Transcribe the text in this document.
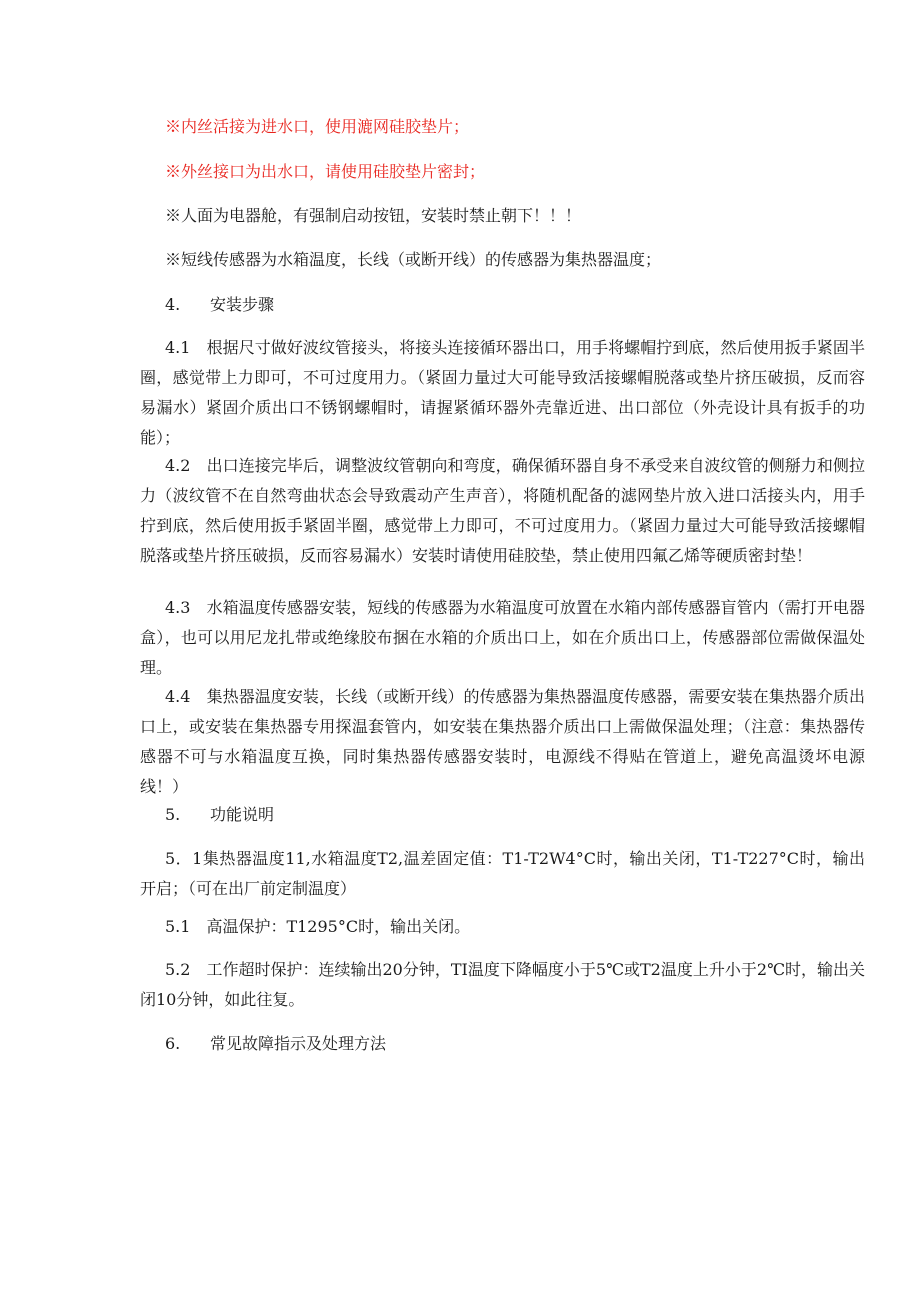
※内丝活接为进水口，使用漉网硅胶垫片；
※外丝接口为出水口，请使用硅胶垫片密封；
※人面为电器舱，有强制启动按钮，安装时禁止朝下！！！
※短线传感器为水箱温度，长线（或断开线）的传感器为集热器温度；
4. 安装步骤
4.1　根据尺寸做好波纹管接头，将接头连接循环器出口，用手将螺帽拧到底，然后使用扳手紧固半圈，感觉带上力即可，不可过度用力。（紧固力量过大可能导致活接螺帽脱落或垫片挤压破损，反而容易漏水）紧固介质出口不锈钢螺帽时，请握紧循环器外壳靠近进、出口部位（外壳设计具有扳手的功能）；
4.2　出口连接完毕后，调整波纹管朝向和弯度，确保循环器自身不承受来自波纹管的侧掰力和侧拉力（波纹管不在自然弯曲状态会导致震动产生声音），将随机配备的滤网垫片放入进口活接头内，用手拧到底，然后使用扳手紧固半圈，感觉带上力即可，不可过度用力。（紧固力量过大可能导致活接螺帽脱落或垫片挤压破损，反而容易漏水）安装时请使用硅胶垫，禁止使用四氟乙烯等硬质密封垫！
4.3　水箱温度传感器安装，短线的传感器为水箱温度可放置在水箱内部传感器盲管内（需打开电器盒），也可以用尼龙扎带或绝缘胶布捆在水箱的介质出口上，如在介质出口上，传感器部位需做保温处理。
4.4　集热器温度安装，长线（或断开线）的传感器为集热器温度传感器，需要安装在集热器介质出口上，或安装在集热器专用探温套管内，如安装在集热器介质出口上需做保温处理；（注意：集热器传感器不可与水箱温度互换，同时集热器传感器安装时，电源线不得贴在管道上，避免高温烫坏电源线！）
5. 功能说明
5．1集热器温度11,水箱温度T2,温差固定值：T1-T2W4°C时，输出关闭，T1-T227°C时，输出开启；（可在出厂前定制温度）
5.1　高温保护：T1295°C时，输出关闭。
5.2　工作超时保护：连续输出20分钟，TI温度下降幅度小于5℃或T2温度上升小于2℃时，输出关闭10分钟，如此往复。
6. 常见故障指示及处理方法
